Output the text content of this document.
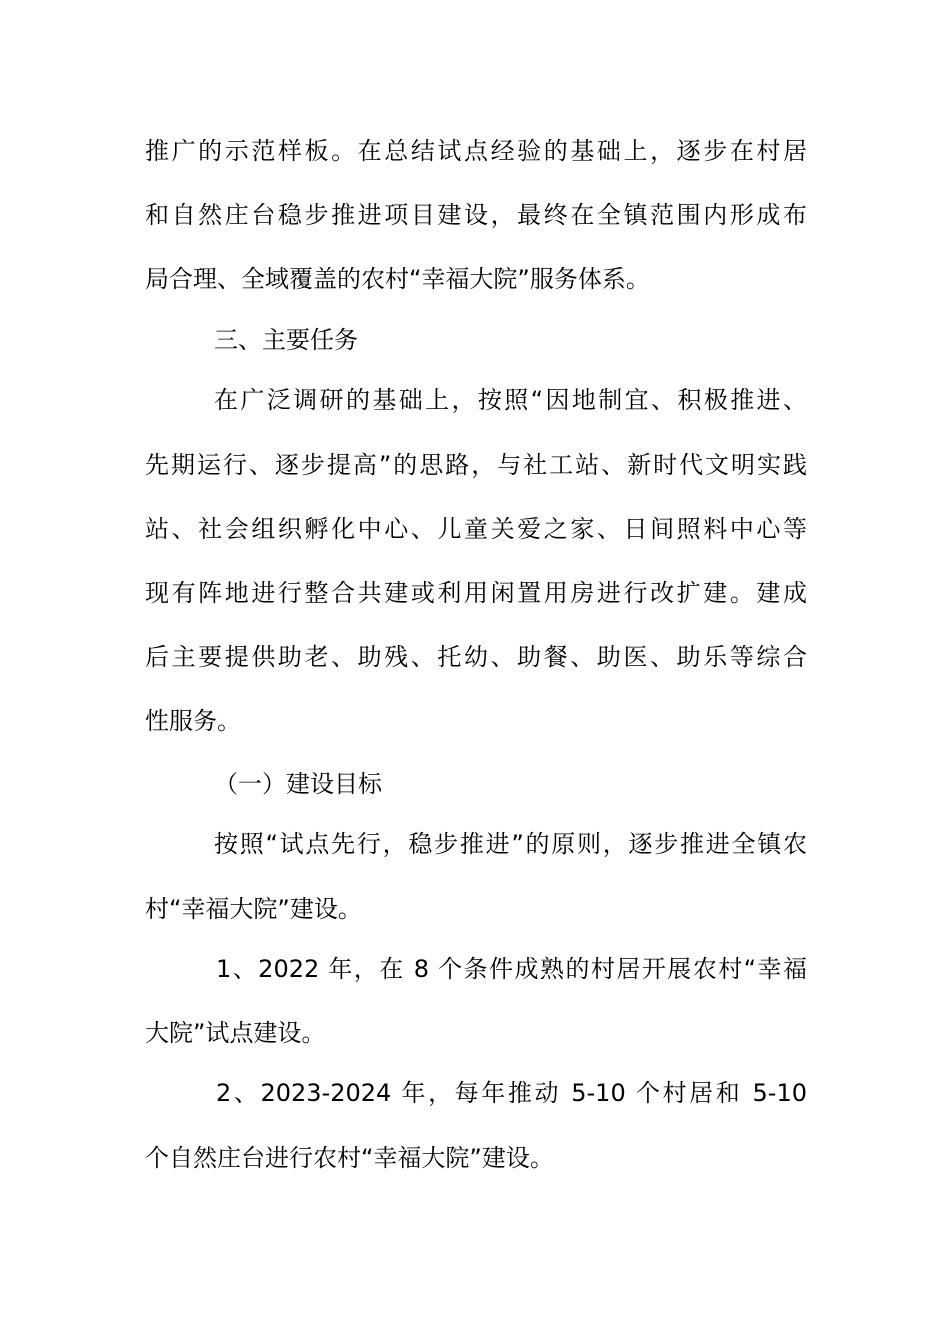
推广的示范样板。在总结试点经验的基础上，逐步在村居
和自然庄台稳步推进项目建设，最终在全镇范围内形成布
局合理、全域覆盖的农村“幸福大院”服务体系。
三、主要任务
在广泛调研的基础上，按照“因地制宜、积极推进、
先期运行、逐步提高”的思路，与社工站、新时代文明实践
站、社会组织孵化中心、儿童关爱之家、日间照料中心等
现有阵地进行整合共建或利用闲置用房进行改扩建。建成
后主要提供助老、助残、托幼、助餐、助医、助乐等综合
性服务。
（一）建设目标
按照“试点先行，稳步推进”的原则，逐步推进全镇农
村“幸福大院”建设。
1、2022 年，在 8 个条件成熟的村居开展农村“幸福
大院”试点建设。
2、2023-2024 年，每年推动 5-10 个村居和 5-10
个自然庄台进行农村“幸福大院”建设。
